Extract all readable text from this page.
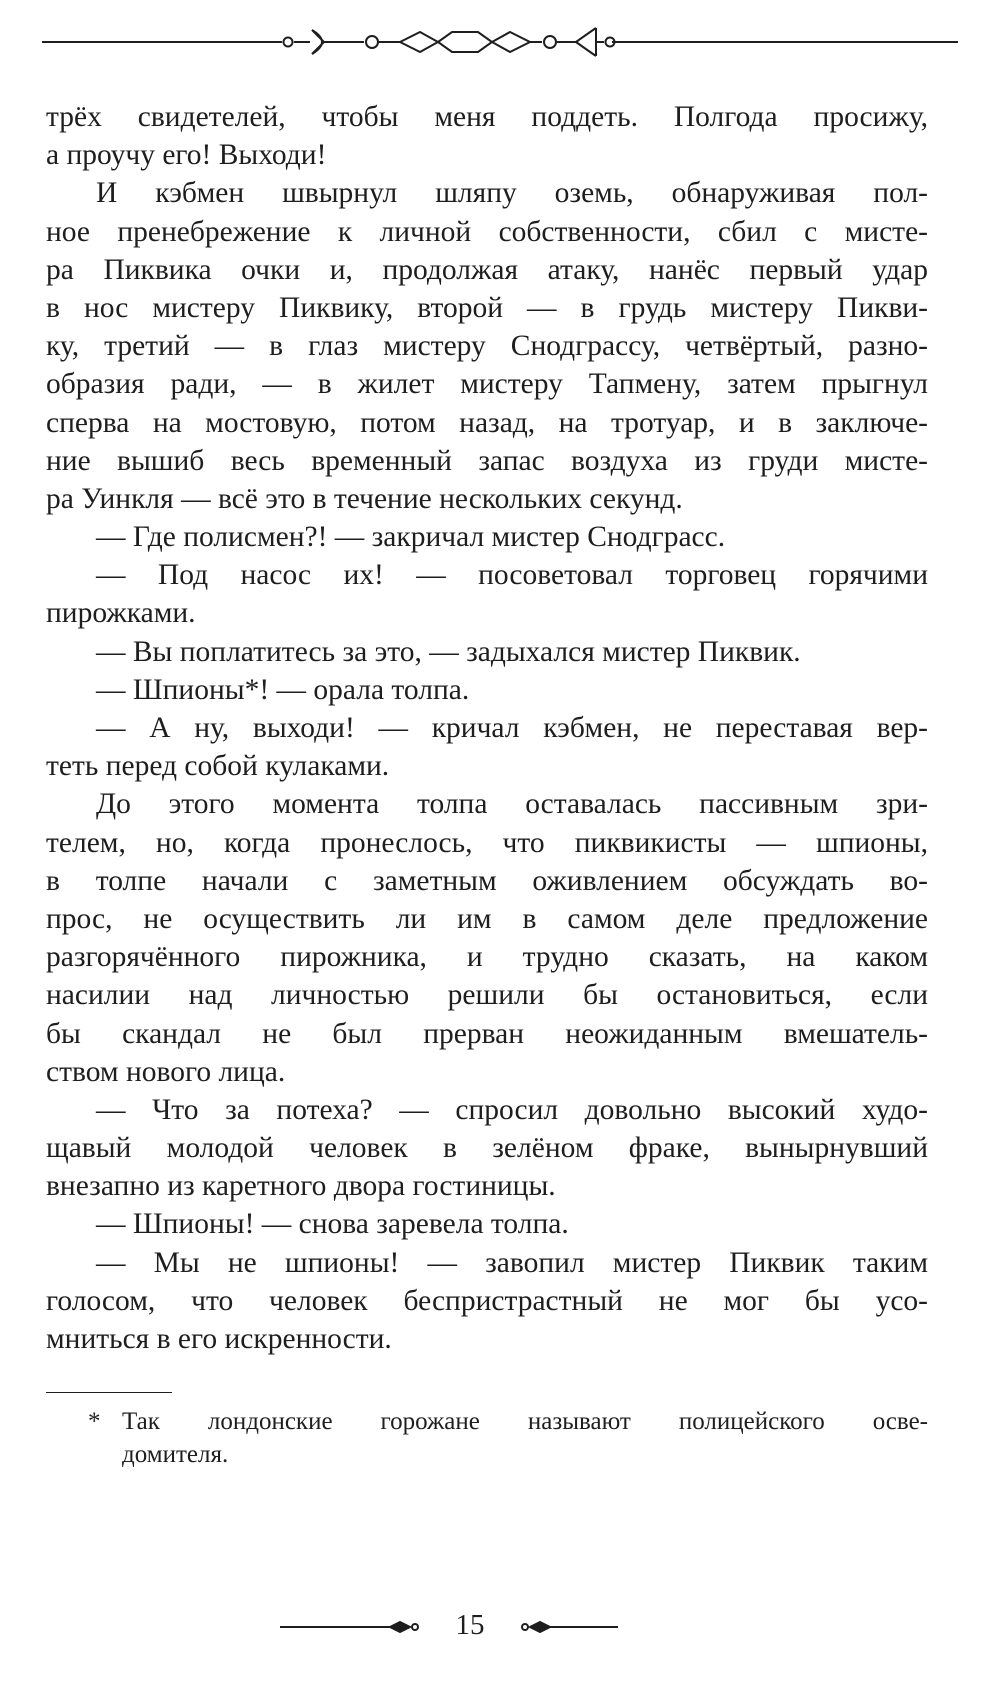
трёх свидетелей, чтобы меня поддеть. Полгода просижу,
а проучу его! Выходи!
И кэбмен швырнул шляпу оземь, обнаруживая пол-
ное пренебрежение к личной собственности, сбил с мисте-
ра Пиквика очки и, продолжая атаку, нанёс первый удар
в нос мистеру Пиквику, второй — в грудь мистеру Пикви-
ку, третий — в глаз мистеру Снодграссу, четвёртый, разно-
образия ради, — в жилет мистеру Тапмену, затем прыгнул
сперва на мостовую, потом назад, на тротуар, и в заключе-
ние вышиб весь временный запас воздуха из груди мисте-
ра Уинкля — всё это в течение нескольких секунд.
— Где полисмен?! — закричал мистер Снодграсс.
— Под насос их! — посоветовал торговец горячими
пирожками.
— Вы поплатитесь за это, — задыхался мистер Пиквик.
— Шпионы*! — орала толпа.
— А ну, выходи! — кричал кэбмен, не переставая вер-
теть перед собой кулаками.
До этого момента толпа оставалась пассивным зри-
телем, но, когда пронеслось, что пиквикисты — шпионы,
в толпе начали с заметным оживлением обсуждать во-
прос, не осуществить ли им в самом деле предложение
разгорячённого пирожника, и трудно сказать, на каком
насилии над личностью решили бы остановиться, если
бы скандал не был прерван неожиданным вмешатель-
ством нового лица.
— Что за потеха? — спросил довольно высокий худо-
щавый молодой человек в зелёном фраке, вынырнувший
внезапно из каретного двора гостиницы.
— Шпионы! — снова заревела толпа.
— Мы не шпионы! — завопил мистер Пиквик таким
голосом, что человек беспристрастный не мог бы усо-
мниться в его искренности.
* Так лондонские горожане называют полицейского осве-
домителя.
15
